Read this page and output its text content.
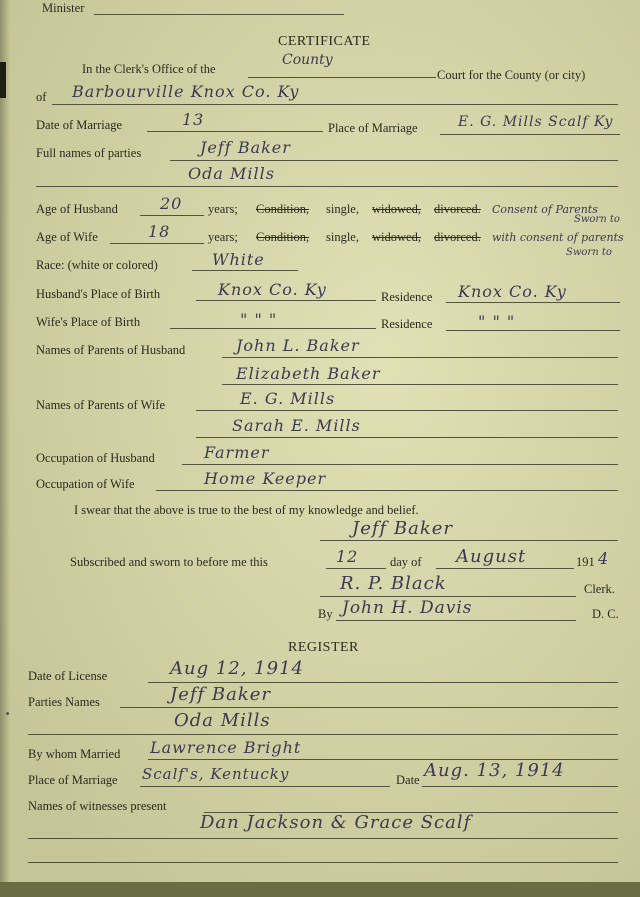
Minister
CERTIFICATE
In the Clerk's Office of the
County
Court for the County (or city)
of Barbourville Knox Co. Ky
Date of Marriage	13	Place of Marriage	E. G. Mills Scalf Ky
Full names of parties	Jeff Baker
Oda Mills
Age of Husband	20 years; Condition, single, widowed, divorced. Consent of Parents
Sworn to
Age of Wife	18	years; Condition, single, widowed, divorced. with consent of parents
Sworn to
Race: (white or colored)	White
Husband's Place of Birth	Knox Co. Ky	Residence Knox Co. Ky
Wife's Place of Birth	" " "	Residence	" " "
Names of Parents of Husband	John L. Baker
Elizabeth Baker
Names of Parents of Wife	E. G. Mills
Sarah E. Mills
Occupation of Husband	Farmer
Occupation of Wife	Home Keeper
I swear that the above is true to the best of my knowledge and belief.
Jeff Baker
Subscribed and sworn to before me this	12	day of August	191 4
R. P. Black	Clerk.
By John H. Davis	D. C.
REGISTER
Date of License	Aug 12, 1914
Parties Names	Jeff Baker
Oda Mills
By whom Married Lawrence Bright
Place of Marriage Scalf's, Kentucky	Date Aug. 13, 1914
Names of witnesses present
Dan Jackson & Grace Scalf
